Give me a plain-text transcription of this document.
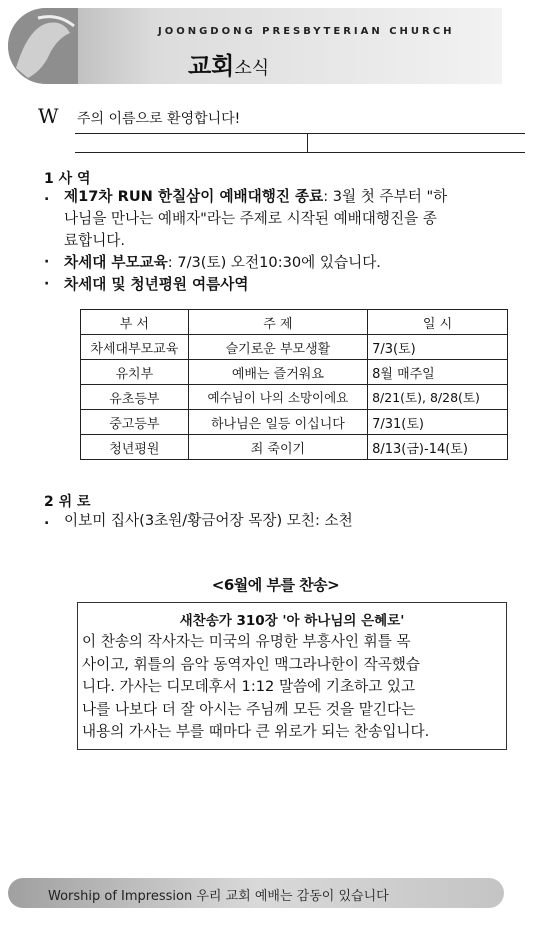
JOONGDONG PRESBYTERIAN CHURCH
교회소식
W 주의 이름으로 환영합니다!
1 사 역
. 제17차 RUN 한칠삼이 예배대행진 종료: 3월 첫 주부터 "하
나님을 만나는 예배자"라는 주제로 시작된 예배대행진을 종
료합니다.
· 차세대 부모교육: 7/3(토) 오전10:30에 있습니다.
· 차세대 및 청년평원 여름사역
부 서	주 제	일 시
차세대부모교육	슬기로운 부모생활	7/3(토)
유치부	예배는 즐거워요	8월 매주일
유초등부	예수님이 나의 소망이에요	8/21(토), 8/28(토)
중고등부	하나님은 일등 이십니다	7/31(토)
청년평원	죄 죽이기	8/13(금)-14(토)
2 위 로
. 이보미 집사(3초원/황금어장 목장) 모친: 소천
<6월에 부를 찬송>
새찬송가 310장 '아 하나님의 은혜로'
이 찬송의 작사자는 미국의 유명한 부흥사인 휘틀 목
사이고, 휘틀의 음악 동역자인 맥그라나한이 작곡했습
니다. 가사는 디모데후서 1:12 말씀에 기초하고 있고
나를 나보다 더 잘 아시는 주님께 모든 것을 맡긴다는
내용의 가사는 부를 때마다 큰 위로가 되는 찬송입니다.
Worship of Impression 우리 교회 예배는 감동이 있습니다
